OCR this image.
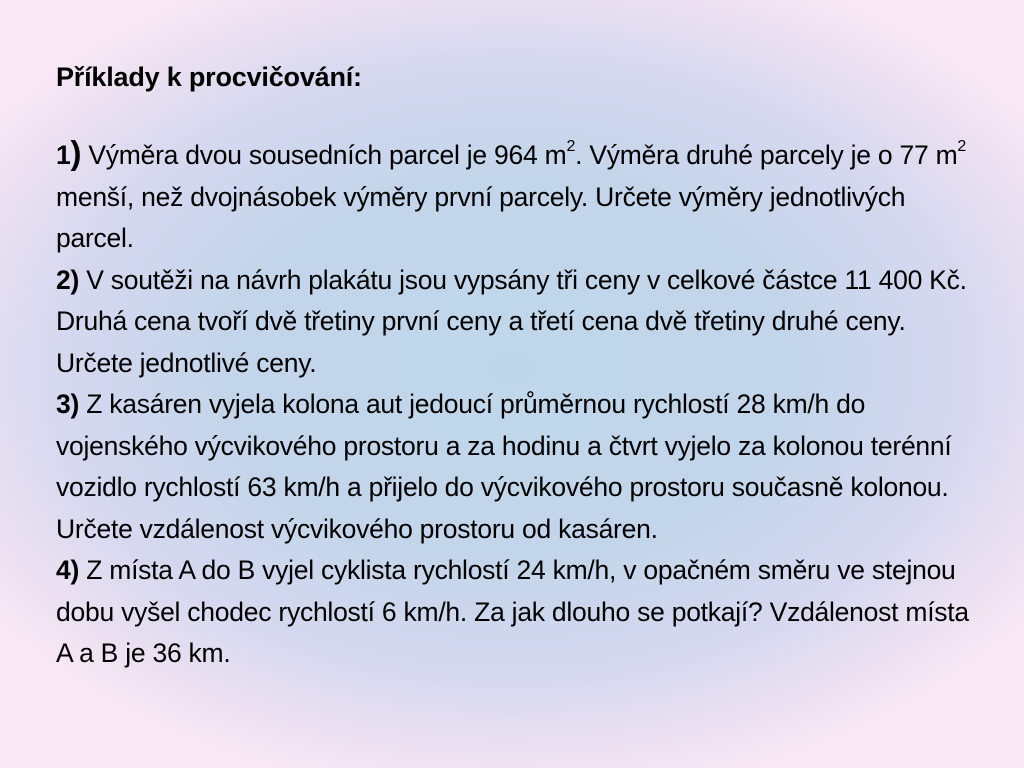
Příklady k procvičování:

1) Výměra dvou sousedních parcel je 964 $m^2$. Výměra druhé parcely je o 77 $m^2$ menší, než dvojnásobek výměry první parcely. Určete výměry jednotlivých parcel.

2) V soutěži na návrh plakátu jsou vypsány tři ceny v celkové částce 11 400 Kč. Druhá cena tvoří dvě třetiny první ceny a třetí cena dvě třetiny druhé ceny. Určete jednotlivé ceny.

3) Z kasáren vyjela kolona aut jedoucí průměrnou rychlostí 28 km/h do vojenského výcvikového prostoru a za hodinu a čtvrt vyjelo za kolonou terénní vozidlo rychlostí 63 km/h a přijelo do výcvikového prostoru současně kolonou. Určete vzdálenost výcvikového prostoru od kasáren.

4) Z místa A do B vyjel cyklista rychlostí 24 km/h, v opačném směru ve stejnou dobu vyšel chodec rychlostí 6 km/h. Za jak dlouho se potkají? Vzdálenost místa A a B je 36 km.
